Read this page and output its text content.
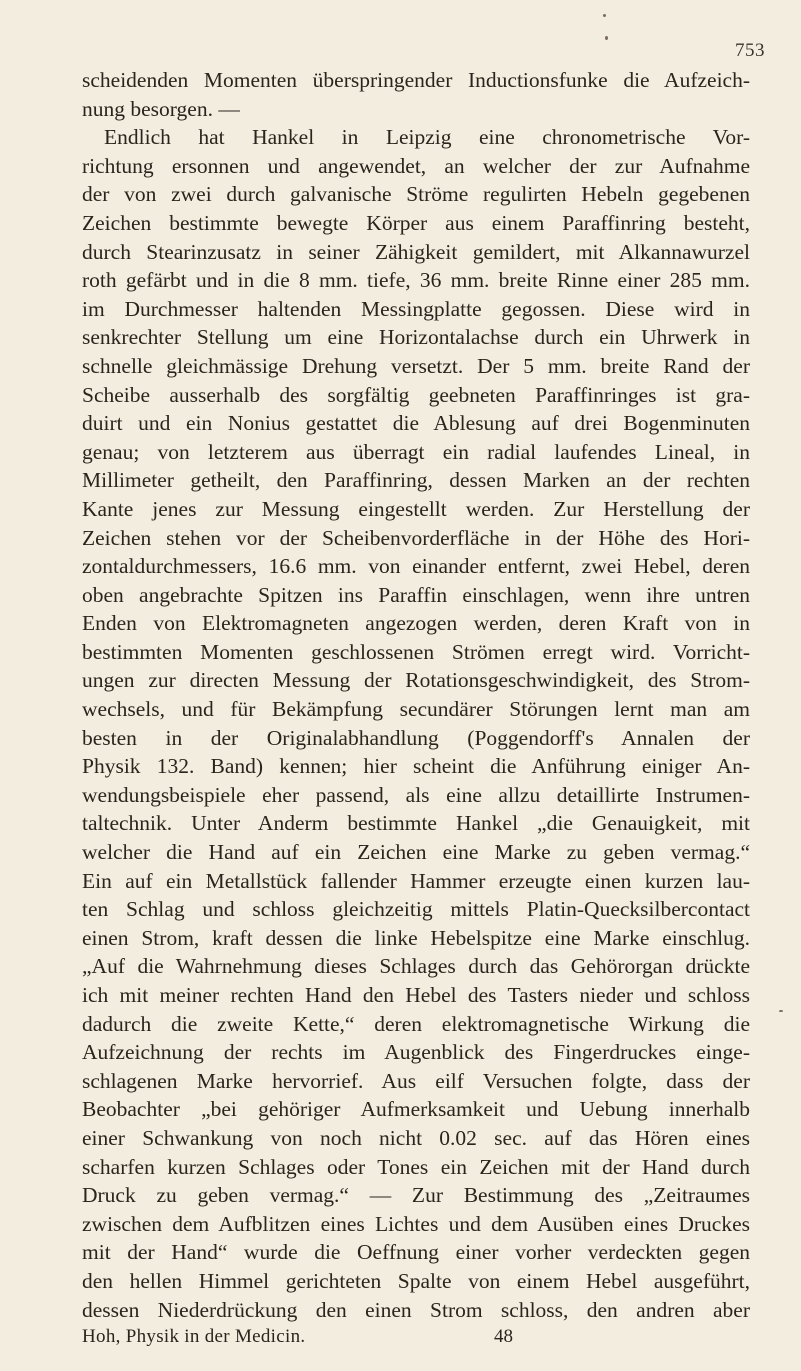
753
scheidenden Momenten überspringender Inductionsfunke die Aufzeich-
nung besorgen. —
Endlich hat Hankel in Leipzig eine chronometrische Vor-
richtung ersonnen und angewendet, an welcher der zur Aufnahme
der von zwei durch galvanische Ströme regulirten Hebeln gegebenen
Zeichen bestimmte bewegte Körper aus einem Paraffinring besteht,
durch Stearinzusatz in seiner Zähigkeit gemildert, mit Alkannawurzel
roth gefärbt und in die 8 mm. tiefe, 36 mm. breite Rinne einer 285 mm.
im Durchmesser haltenden Messingplatte gegossen. Diese wird in
senkrechter Stellung um eine Horizontalachse durch ein Uhrwerk in
schnelle gleichmässige Drehung versetzt. Der 5 mm. breite Rand der
Scheibe ausserhalb des sorgfältig geebneten Paraffinringes ist gra-
duirt und ein Nonius gestattet die Ablesung auf drei Bogenminuten
genau; von letzterem aus überragt ein radial laufendes Lineal, in
Millimeter getheilt, den Paraffinring, dessen Marken an der rechten
Kante jenes zur Messung eingestellt werden. Zur Herstellung der
Zeichen stehen vor der Scheibenvorderfläche in der Höhe des Hori-
zontaldurchmessers, 16.6 mm. von einander entfernt, zwei Hebel, deren
oben angebrachte Spitzen ins Paraffin einschlagen, wenn ihre untren
Enden von Elektromagneten angezogen werden, deren Kraft von in
bestimmten Momenten geschlossenen Strömen erregt wird. Vorricht-
ungen zur directen Messung der Rotationsgeschwindigkeit, des Strom-
wechsels, und für Bekämpfung secundärer Störungen lernt man am
besten in der Originalabhandlung (Poggendorff's Annalen der
Physik 132. Band) kennen; hier scheint die Anführung einiger An-
wendungsbeispiele eher passend, als eine allzu detaillirte Instrumen-
taltechnik. Unter Anderm bestimmte Hankel „die Genauigkeit, mit
welcher die Hand auf ein Zeichen eine Marke zu geben vermag.“
Ein auf ein Metallstück fallender Hammer erzeugte einen kurzen lau-
ten Schlag und schloss gleichzeitig mittels Platin-Quecksilbercontact
einen Strom, kraft dessen die linke Hebelspitze eine Marke einschlug.
„Auf die Wahrnehmung dieses Schlages durch das Gehörorgan drückte
ich mit meiner rechten Hand den Hebel des Tasters nieder und schloss
dadurch die zweite Kette,“ deren elektromagnetische Wirkung die
Aufzeichnung der rechts im Augenblick des Fingerdruckes einge-
schlagenen Marke hervorrief. Aus eilf Versuchen folgte, dass der
Beobachter „bei gehöriger Aufmerksamkeit und Uebung innerhalb
einer Schwankung von noch nicht 0.02 sec. auf das Hören eines
scharfen kurzen Schlages oder Tones ein Zeichen mit der Hand durch
Druck zu geben vermag.“ — Zur Bestimmung des „Zeitraumes
zwischen dem Aufblitzen eines Lichtes und dem Ausüben eines Druckes
mit der Hand“ wurde die Oeffnung einer vorher verdeckten gegen
den hellen Himmel gerichteten Spalte von einem Hebel ausgeführt,
dessen Niederdrückung den einen Strom schloss, den andren aber
Hoh, Physik in der Medicin.	48
